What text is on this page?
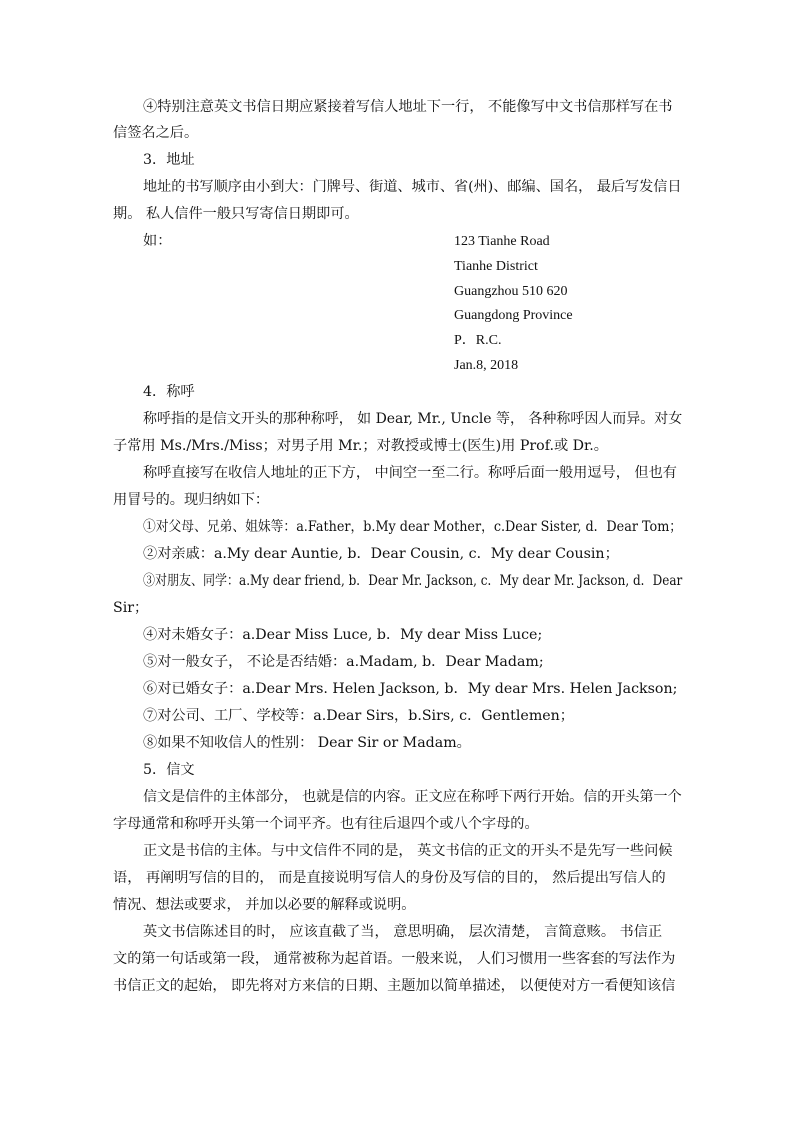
④特别注意英文书信日期应紧接着写信人地址下一行， 不能像写中文书信那样写在书
信签名之后。
3．地址
地址的书写顺序由小到大：门牌号、街道、城市、省(州)、邮编、国名， 最后写发信日
期。 私人信件一般只写寄信日期即可。
如：	123 Tianhe Road
Tianhe District
Guangzhou 510 620
Guangdong Province
P．R.C.
Jan.8, 2018
4．称呼
称呼指的是信文开头的那种称呼， 如 Dear, Mr., Uncle 等， 各种称呼因人而异。对女
子常用 Ms./Mrs./Miss；对男子用 Mr.；对教授或博士(医生)用 Prof.或 Dr.。
称呼直接写在收信人地址的正下方， 中间空一至二行。称呼后面一般用逗号， 但也有
用冒号的。现归纳如下：
①对父母、兄弟、姐妹等：a.Father，b.My dear Mother，c.Dear Sister, d．Dear Tom；
②对亲戚：a.My dear Auntie, b．Dear Cousin, c．My dear Cousin；
③对朋友、同学：a.My dear friend, b．Dear Mr. Jackson, c．My dear Mr. Jackson, d．Dear
Sir；
④对未婚女子：a.Dear Miss Luce, b．My dear Miss Luce;
⑤对一般女子， 不论是否结婚：a.Madam, b．Dear Madam;
⑥对已婚女子：a.Dear Mrs. Helen Jackson, b．My dear Mrs. Helen Jackson;
⑦对公司、工厂、学校等：a.Dear Sirs，b.Sirs, c．Gentlemen；
⑧如果不知收信人的性别： Dear Sir or Madam。
5．信文
信文是信件的主体部分， 也就是信的内容。正文应在称呼下两行开始。信的开头第一个
字母通常和称呼开头第一个词平齐。也有往后退四个或八个字母的。
正文是书信的主体。与中文信件不同的是， 英文书信的正文的开头不是先写一些问候
语， 再阐明写信的目的， 而是直接说明写信人的身份及写信的目的， 然后提出写信人的
情况、想法或要求， 并加以必要的解释或说明。
英文书信陈述目的时， 应该直截了当， 意思明确， 层次清楚， 言简意赅。 书信正
文的第一句话或第一段， 通常被称为起首语。一般来说， 人们习惯用一些客套的写法作为
书信正文的起始， 即先将对方来信的日期、主题加以简单描述， 以便使对方一看便知该信
